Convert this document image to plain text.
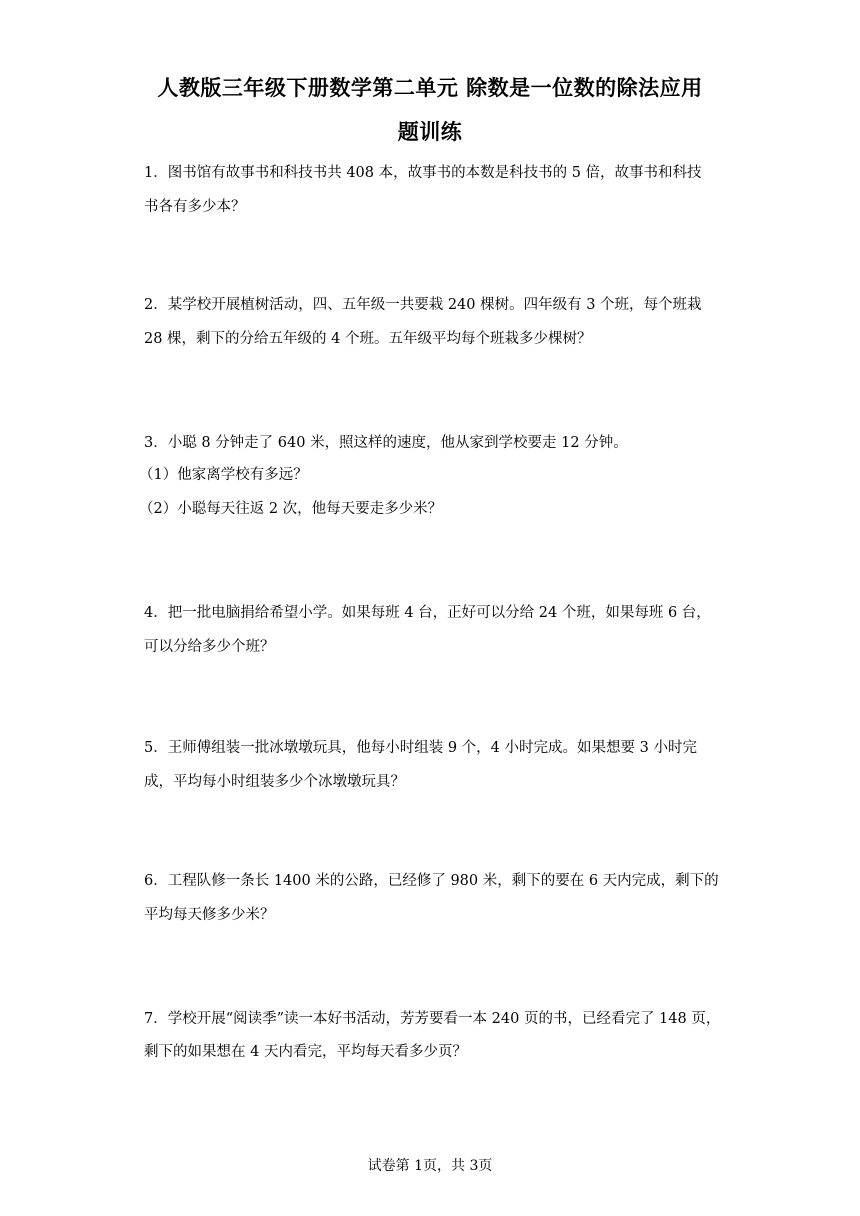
人教版三年级下册数学第二单元 除数是一位数的除法应用
题训练
1．图书馆有故事书和科技书共 408 本，故事书的本数是科技书的 5 倍，故事书和科技
书各有多少本？
2．某学校开展植树活动，四、五年级一共要栽 240 棵树。四年级有 3 个班，每个班栽
28 棵，剩下的分给五年级的 4 个班。五年级平均每个班栽多少棵树？
3．小聪 8 分钟走了 640 米，照这样的速度，他从家到学校要走 12 分钟。
（1）他家离学校有多远？
（2）小聪每天往返 2 次，他每天要走多少米？
4．把一批电脑捐给希望小学。如果每班 4 台，正好可以分给 24 个班，如果每班 6 台，
可以分给多少个班？
5．王师傅组装一批冰墩墩玩具，他每小时组装 9 个，4 小时完成。如果想要 3 小时完
成，平均每小时组装多少个冰墩墩玩具？
6．工程队修一条长 1400 米的公路，已经修了 980 米，剩下的要在 6 天内完成，剩下的
平均每天修多少米？
7．学校开展“阅读季”读一本好书活动，芳芳要看一本 240 页的书，已经看完了 148 页，
剩下的如果想在 4 天内看完，平均每天看多少页？
试卷第 1页，共 3页
